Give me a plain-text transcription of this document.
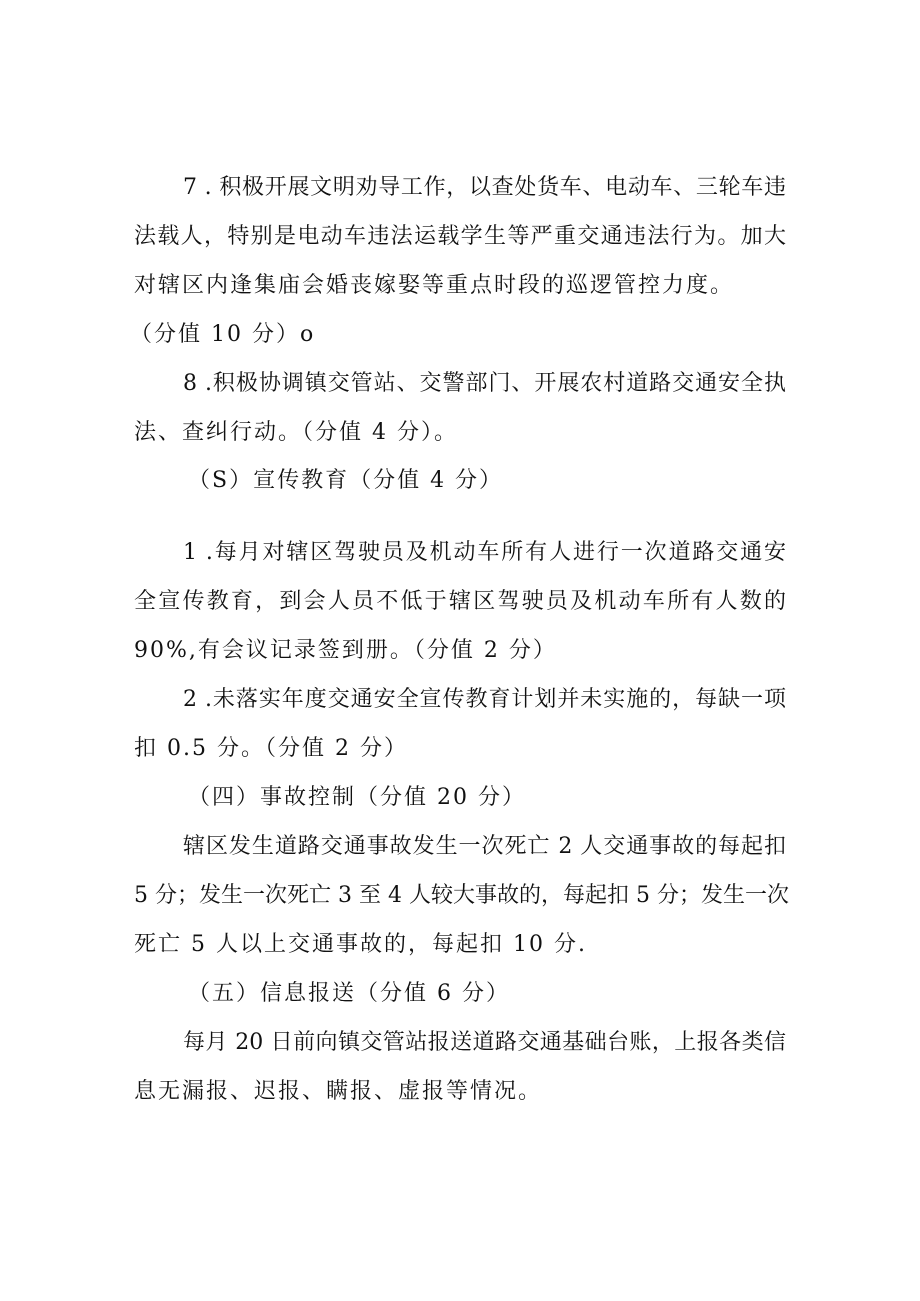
7 . 积极开展文明劝导工作，以查处货车、电动车、三轮车违
法载人，特别是电动车违法运载学生等严重交通违法行为。加大
对辖区内逢集庙会婚丧嫁娶等重点时段的巡逻管控力度。
（分值 10 分）o
8 .积极协调镇交管站、交警部门、开展农村道路交通安全执
法、查纠行动。（分值 4 分）。
（S）宣传教育（分值 4 分）
1 .每月对辖区驾驶员及机动车所有人进行一次道路交通安
全宣传教育，到会人员不低于辖区驾驶员及机动车所有人数的
90%,有会议记录签到册。（分值 2 分）
2 .未落实年度交通安全宣传教育计划并未实施的，每缺一项
扣 0.5 分。（分值 2 分）
（四）事故控制（分值 20 分）
辖区发生道路交通事故发生一次死亡 2 人交通事故的每起扣
5 分；发生一次死亡 3 至 4 人较大事故的，每起扣 5 分；发生一次
死亡 5 人以上交通事故的，每起扣 10 分.
（五）信息报送（分值 6 分）
每月 20 日前向镇交管站报送道路交通基础台账，上报各类信
息无漏报、迟报、瞒报、虚报等情况。
